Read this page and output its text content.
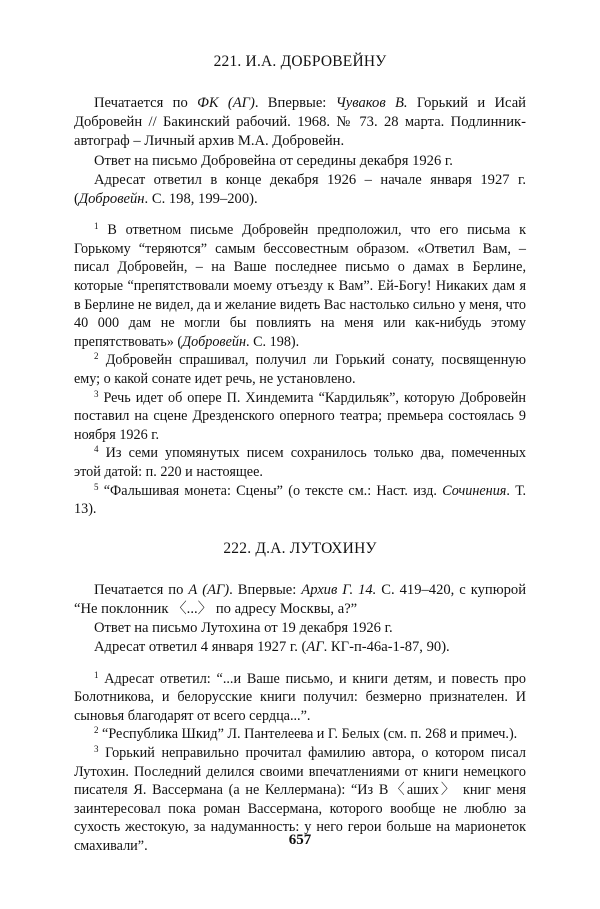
221. И.А. ДОБРОВЕЙНУ

Печатается по ФК (АГ). Впервые: Чуваков В. Горький и Исай Добровейн // Бакинский рабочий. 1968. № 73. 28 марта. Подлинник-автограф – Личный архив М.А. Добровейн.

Ответ на письмо Добровейна от середины декабря 1926 г.

Адресат ответил в конце декабря 1926 – начале января 1927 г. (Добровейн. С. 198, 199–200).

$^1$ В ответном письме Добровейн предположил, что его письма к Горькому “теряются” самым бессовестным образом. «Ответил Вам, – писал Добровейн, – на Ваше последнее письмо о дамах в Берлине, которые “препятствовали моему отъезду к Вам”. Ей-Богу! Никаких дам я в Берлине не видел, да и желание видеть Вас настолько сильно у меня, что 40 000 дам не могли бы повлиять на меня или как-нибудь этому препятствовать» (Добровейн. С. 198).

$^2$ Добровейн спрашивал, получил ли Горький сонату, посвященную ему; о какой сонате идет речь, не установлено.

$^3$ Речь идет об опере П. Хиндемита “Кардильяк”, которую Добровейн поставил на сцене Дрезденского оперного театра; премьера состоялась 9 ноября 1926 г.

$^4$ Из семи упомянутых писем сохранилось только два, помеченных этой датой: п. 220 и настоящее.

$^5$ “Фальшивая монета: Сцены” (о тексте см.: Наст. изд. Сочинения. Т. 13).

222. Д.А. ЛУТОХИНУ

Печатается по А (АГ). Впервые: Архив Г. 14. С. 419–420, с купюрой “Не поклонник 〈...〉 по адресу Москвы, а?”

Ответ на письмо Лутохина от 19 декабря 1926 г.

Адресат ответил 4 января 1927 г. (АГ. КГ-п-46а-1-87, 90).

$^1$ Адресат ответил: “...и Ваше письмо, и книги детям, и повесть про Болотникова, и белорусские книги получил: безмерно признателен. И сыновья благодарят от всего сердца...”.

$^2$ “Республика Шкид” Л. Пантелеева и Г. Белых (см. п. 268 и примеч.).

$^3$ Горький неправильно прочитал фамилию автора, о котором писал Лутохин. Последний делился своими впечатлениями от книги немецкого писателя Я. Вассермана (а не Келлермана): “Из В〈аших〉 книг меня заинтересовал пока роман Вассермана, которого вообще не люблю за сухость жестокую, за надуманность: у него герои больше на марионеток смахивали”.	657
